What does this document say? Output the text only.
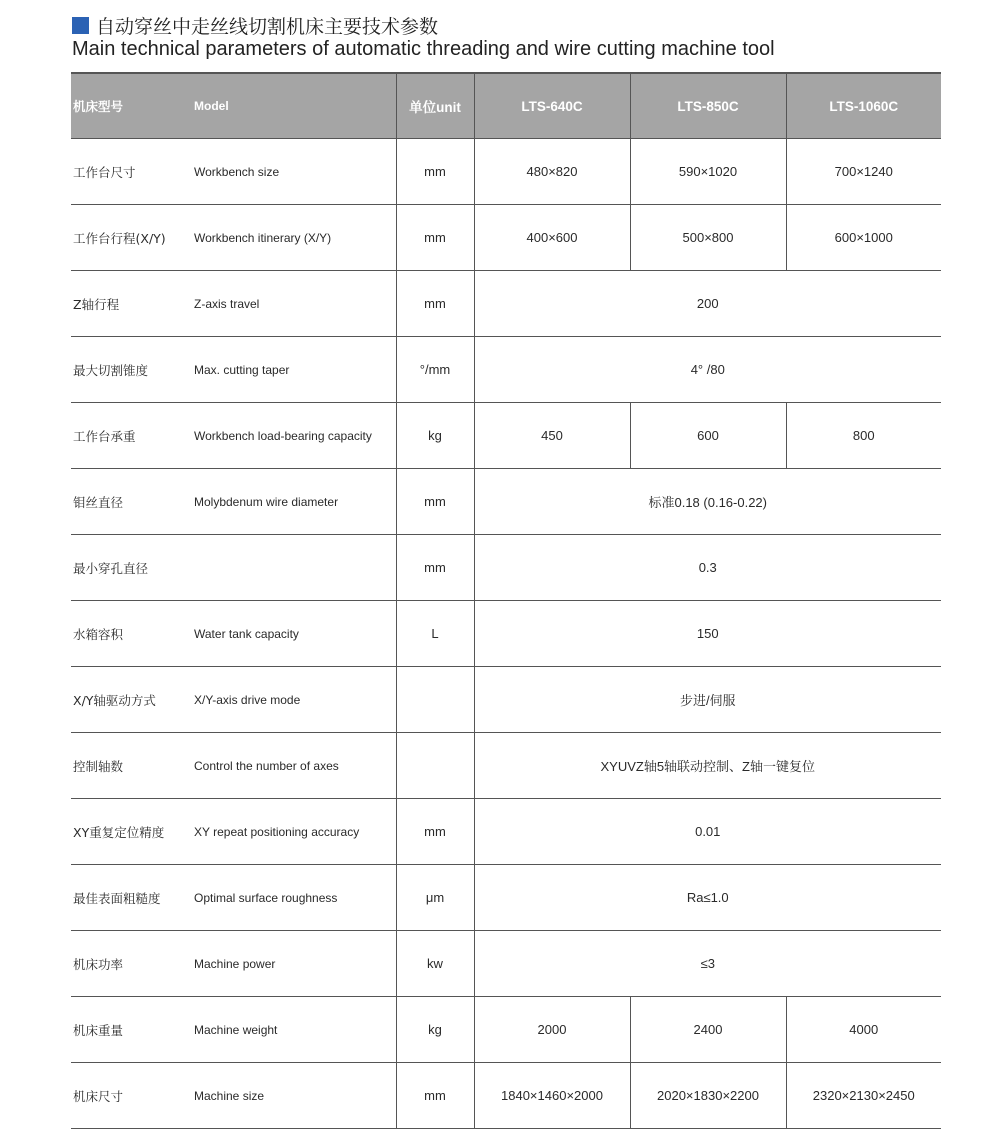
自动穿丝中走丝线切割机床主要技术参数
Main technical parameters of automatic threading and wire cutting machine tool
机床型号	Model	单位unit	LTS-640C	LTS-850C	LTS-1060C
工作台尺寸	Workbench size	mm	480×820	590×1020	700×1240
工作台行程(X/Y)	Workbench itinerary (X/Y)	mm	400×600	500×800	600×1000
Z轴行程	Z-axis travel	mm	200		
最大切割锥度	Max. cutting taper	°/mm	4° /80		
工作台承重	Workbench load-bearing capacity	kg	450	600	800
钼丝直径	Molybdenum wire diameter	mm	标准0.18 (0.16-0.22)		
最小穿孔直径		mm	0.3		
水箱容积	Water tank capacity	L	150		
X/Y轴驱动方式	X/Y-axis drive mode		步进/伺服		
控制轴数	Control the number of axes		XYUVZ轴5轴联动控制、Z轴一键复位		
XY重复定位精度	XY repeat positioning accuracy	mm	0.01		
最佳表面粗糙度	Optimal surface roughness	μm	Ra≤1.0		
机床功率	Machine power	kw	≤3		
机床重量	Machine weight	kg	2000	2400	4000
机床尺寸	Machine size	mm	1840×1460×2000	2020×1830×2200	2320×2130×2450
